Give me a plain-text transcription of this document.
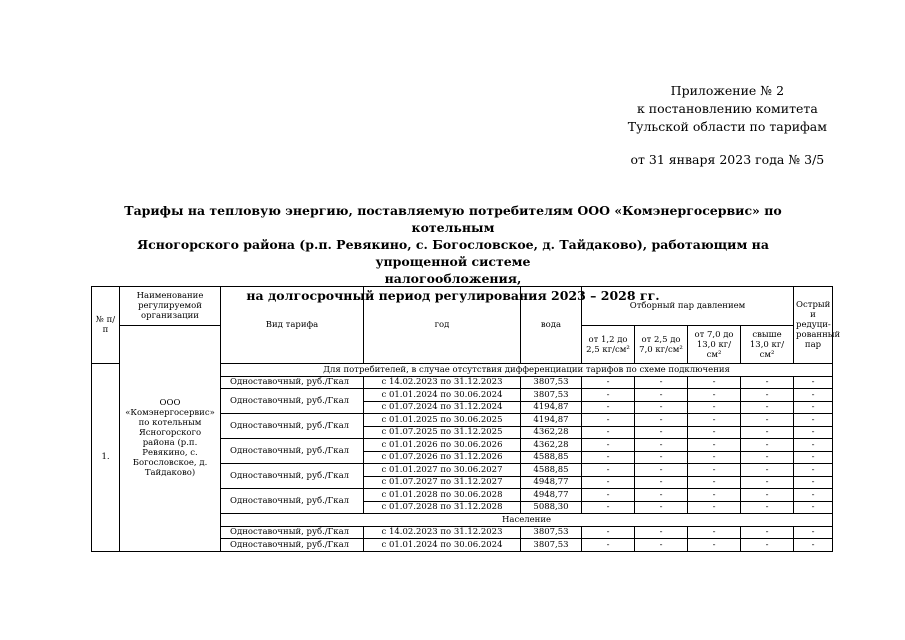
Приложение № 2
к постановлению комитета
Тульской области по тарифам
от 31 января 2023 года № 3/5
Тарифы на тепловую энергию, поставляемую потребителям ООО «Комэнергосервис» по котельным
Ясногорского района (р.п. Ревякино, с. Богословское, д. Тайдаково), работающим на упрощенной системе
налогообложения,
на долгосрочный период регулирования 2023 – 2028 гг.
№ п/п	Наименование регулируемой организации	Вид тарифа	год	вода	Отборный пар давлением				Острый и редуци-рованный пар
	ООО «Комэнергосервис» по котельным Ясногорского района (р.п. Ревякино, с. Богословское, д. Тайдаково)				от 1,2 до 2,5 кг/см²	от 2,5 до 7,0 кг/см²	от 7,0 до 13,0 кг/см²	свыше 13,0 кг/см²	
1.		Для потребителей, в случае отсутствия дифференциации тарифов по схеме подключения							
		Одноставочный, руб./Гкал	с 14.02.2023 по 31.12.2023	3807,53	-	-	-	-	-
		Одноставочный, руб./Гкал	с 01.01.2024 по 30.06.2024	3807,53	-	-	-	-	-
			с 01.07.2024 по 31.12.2024	4194,87	-	-	-	-	-
		Одноставочный, руб./Гкал	с 01.01.2025 по 30.06.2025	4194,87	-	-	-	-	-
			с 01.07.2025 по 31.12.2025	4362,28	-	-	-	-	-
		Одноставочный, руб./Гкал	с 01.01.2026 по 30.06.2026	4362,28	-	-	-	-	-
			с 01.07.2026 по 31.12.2026	4588,85	-	-	-	-	-
		Одноставочный, руб./Гкал	с 01.01.2027 по 30.06.2027	4588,85	-	-	-	-	-
			с 01.07.2027 по 31.12.2027	4948,77	-	-	-	-	-
		Одноставочный, руб./Гкал	с 01.01.2028 по 30.06.2028	4948,77	-	-	-	-	-
			с 01.07.2028 по 31.12.2028	5088,30	-	-	-	-	-
		Население							
		Одноставочный, руб./Гкал	с 14.02.2023 по 31.12.2023	3807,53	-	-	-	-	-
		Одноставочный, руб./Гкал	с 01.01.2024 по 30.06.2024	3807,53	-	-	-	-	-
